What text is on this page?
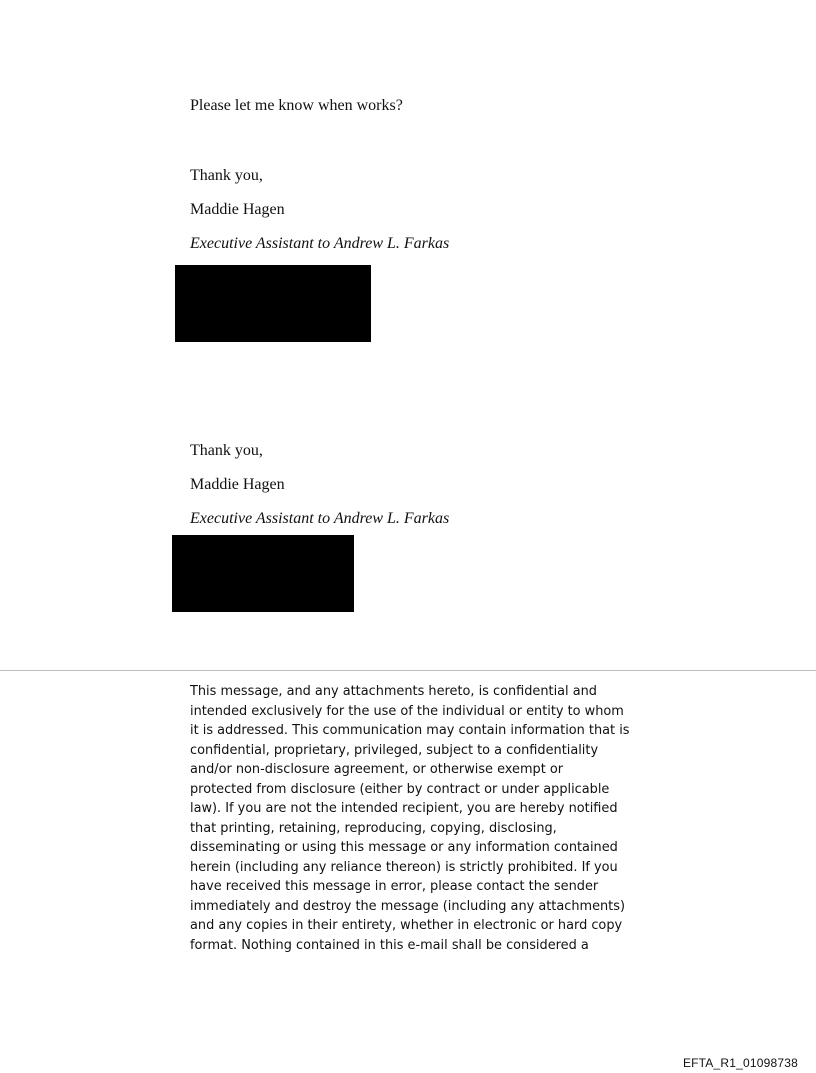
Please let me know when works?
Thank you,
Maddie Hagen
Executive Assistant to Andrew L. Farkas
Thank you,
Maddie Hagen
Executive Assistant to Andrew L. Farkas
This message, and any attachments hereto, is confidential and
intended exclusively for the use of the individual or entity to whom
it is addressed. This communication may contain information that is
confidential, proprietary, privileged, subject to a confidentiality
and/or non-disclosure agreement, or otherwise exempt or
protected from disclosure (either by contract or under applicable
law). If you are not the intended recipient, you are hereby notified
that printing, retaining, reproducing, copying, disclosing,
disseminating or using this message or any information contained
herein (including any reliance thereon) is strictly prohibited. If you
have received this message in error, please contact the sender
immediately and destroy the message (including any attachments)
and any copies in their entirety, whether in electronic or hard copy
format. Nothing contained in this e-mail shall be considered a
EFTA_R1_01098738
